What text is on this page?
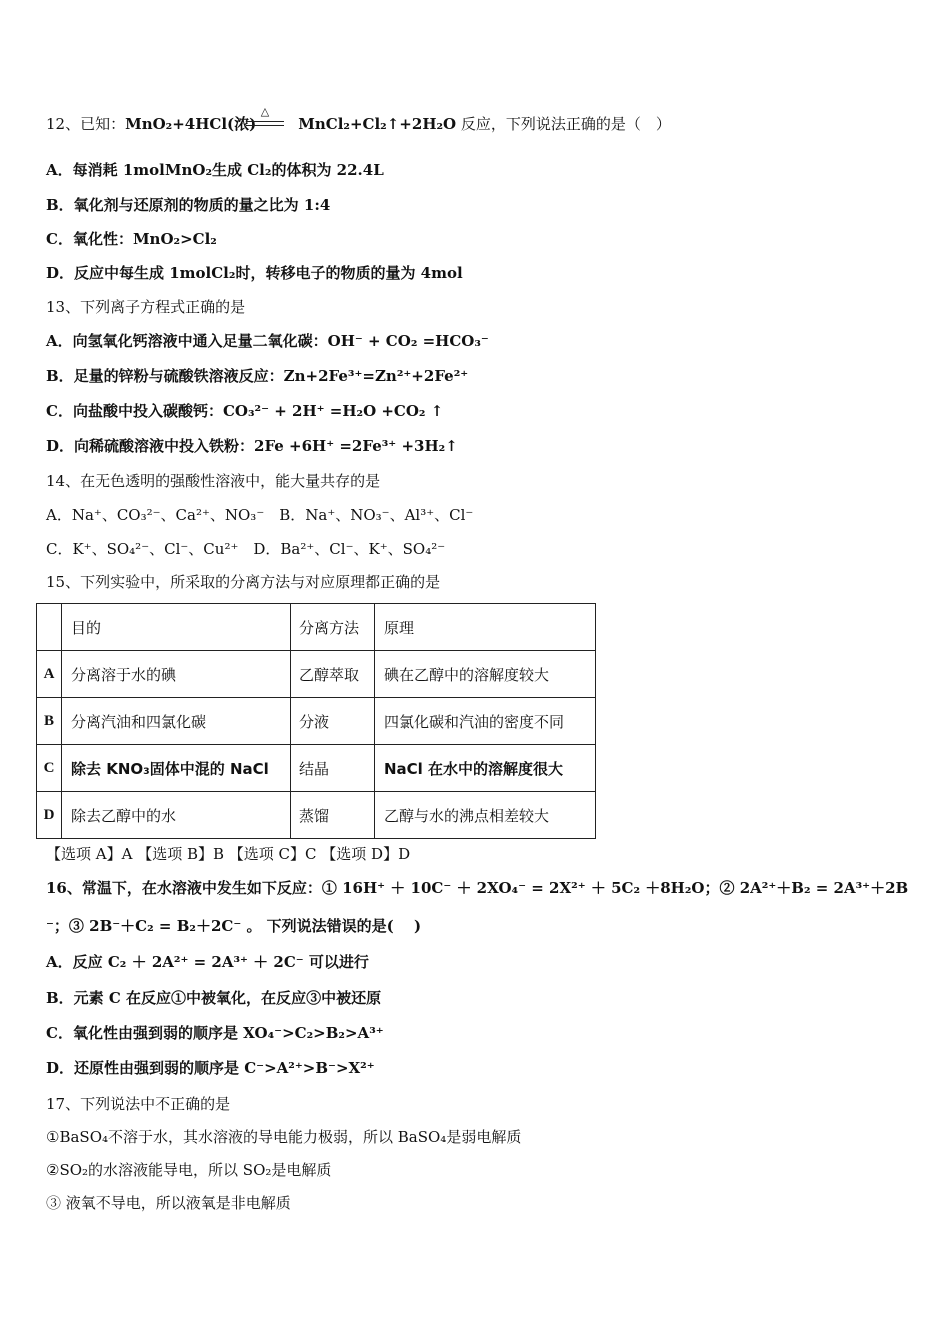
12、已知：MnO₂+4HCl(浓)	MnCl₂+Cl₂↑+2H₂O 反应，下列说法正确的是（　）
△
A．每消耗 1molMnO₂生成 Cl₂的体积为 22.4L
B．氧化剂与还原剂的物质的量之比为 1:4
C．氧化性：MnO₂>Cl₂
D．反应中每生成 1molCl₂时，转移电子的物质的量为 4mol
13、下列离子方程式正确的是
A．向氢氧化钙溶液中通入足量二氧化碳：OH⁻ + CO₂ =HCO₃⁻
B．足量的锌粉与硫酸铁溶液反应：Zn+2Fe³⁺=Zn²⁺+2Fe²⁺
C．向盐酸中投入碳酸钙：CO₃²⁻ + 2H⁺ =H₂O +CO₂ ↑
D．向稀硫酸溶液中投入铁粉：2Fe +6H⁺ =2Fe³⁺ +3H₂↑
14、在无色透明的强酸性溶液中，能大量共存的是
A．Na⁺、CO₃²⁻、Ca²⁺、NO₃⁻　B．Na⁺、NO₃⁻、Al³⁺、Cl⁻
C．K⁺、SO₄²⁻、Cl⁻、Cu²⁺　D．Ba²⁺、Cl⁻、K⁺、SO₄²⁻
15、下列实验中，所采取的分离方法与对应原理都正确的是
	目的	分离方法	原理
A	分离溶于水的碘	乙醇萃取	碘在乙醇中的溶解度较大
B	分离汽油和四氯化碳	分液	四氯化碳和汽油的密度不同
C	除去 KNO₃固体中混的 NaCl	结晶	NaCl 在水中的溶解度很大
D	除去乙醇中的水	蒸馏	乙醇与水的沸点相差较大
【选项 A】A 【选项 B】B 【选项 C】C 【选项 D】D
16、常温下，在水溶液中发生如下反应：① 16H⁺ ＋ 10C⁻ ＋ 2XO₄⁻ = 2X²⁺ ＋ 5C₂ ＋8H₂O；② 2A²⁺＋B₂ = 2A³⁺＋2B
⁻；③ 2B⁻＋C₂ = B₂＋2C⁻ 。 下列说法错误的是(　 )
A．反应 C₂ ＋ 2A²⁺ = 2A³⁺ ＋ 2C⁻ 可以进行
B．元素 C 在反应①中被氧化，在反应③中被还原
C．氧化性由强到弱的顺序是 XO₄⁻>C₂>B₂>A³⁺
D．还原性由强到弱的顺序是 C⁻>A²⁺>B⁻>X²⁺
17、下列说法中不正确的是
①BaSO₄不溶于水，其水溶液的导电能力极弱，所以 BaSO₄是弱电解质
②SO₂的水溶液能导电，所以 SO₂是电解质
③ 液氧不导电，所以液氧是非电解质
